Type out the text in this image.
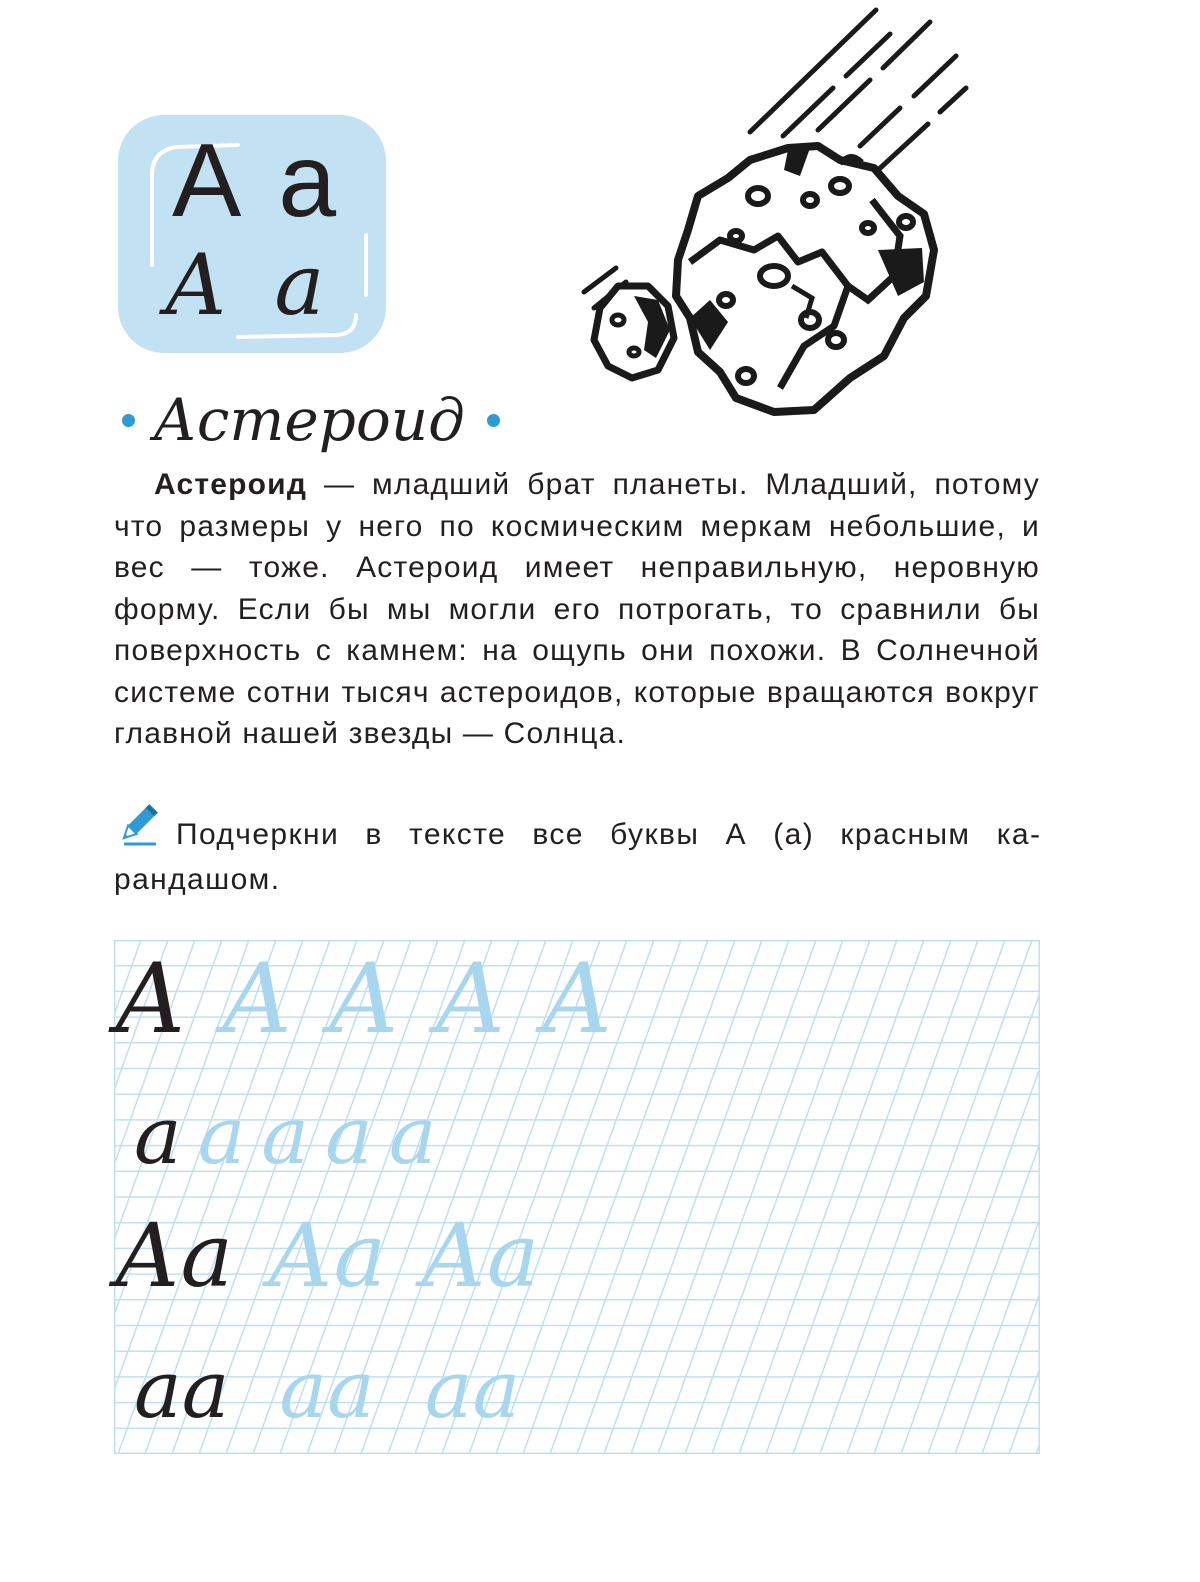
А а
А а
Астероид
Астероид — младший брат планеты. Младший, потому что размеры у него по космическим меркам небольшие, и вес — тоже. Астероид имеет неправильную, неровную форму. Если бы мы могли его потрогать, то сравнили бы поверхность с камнем: на ощупь они похожи. В Солнечной системе сотни тысяч астероидов, которые вращаются вокруг главной нашей звезды — Солнца.
Подчеркни в тексте все буквы А (а) красным карандашом.
А А А А А
а а а а а
Аа Аа Аа
аа аа аа
